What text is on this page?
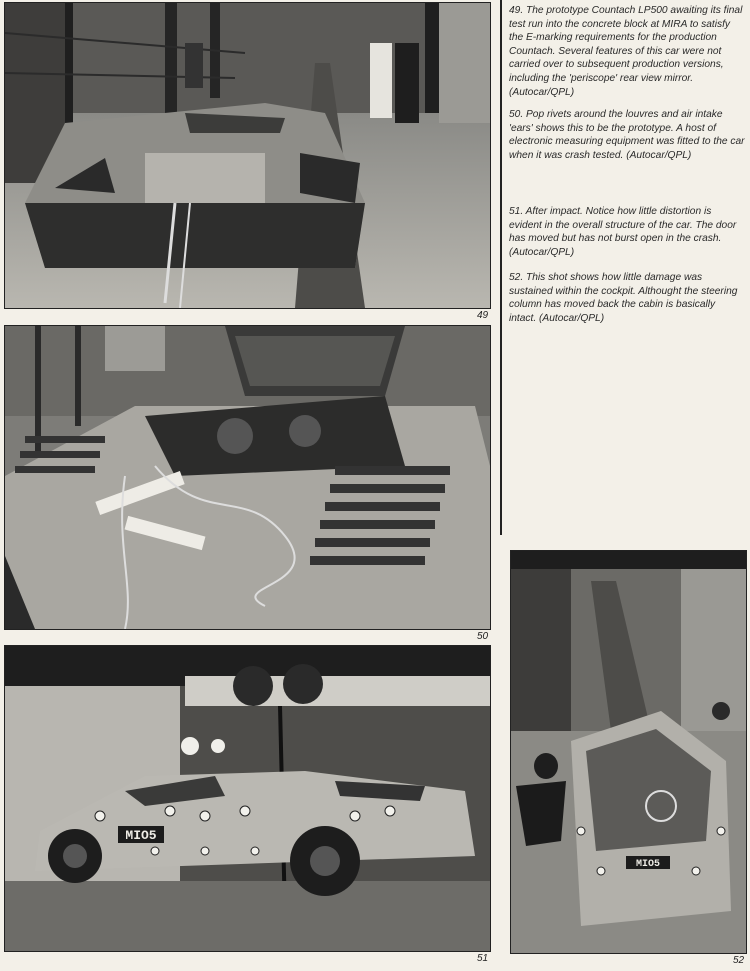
49
50
MIO5
51
MIO5
52

49. The prototype Countach LP500 awaiting its final test run into the concrete block at MIRA to satisfy the E-marking requirements for the production Countach. Several features of this car were not carried over to subsequent production versions, including the 'periscope' rear view mirror. (Autocar/QPL)

50. Pop rivets around the louvres and air intake 'ears' shows this to be the prototype. A host of electronic measuring equipment was fitted to the car when it was crash tested. (Autocar/QPL)

51. After impact. Notice how little distortion is evident in the overall structure of the car. The door has moved but has not burst open in the crash. (Autocar/QPL)

52. This shot shows how little damage was sustained within the cockpit. Althought the steering column has moved back the cabin is basically intact. (Autocar/QPL)
